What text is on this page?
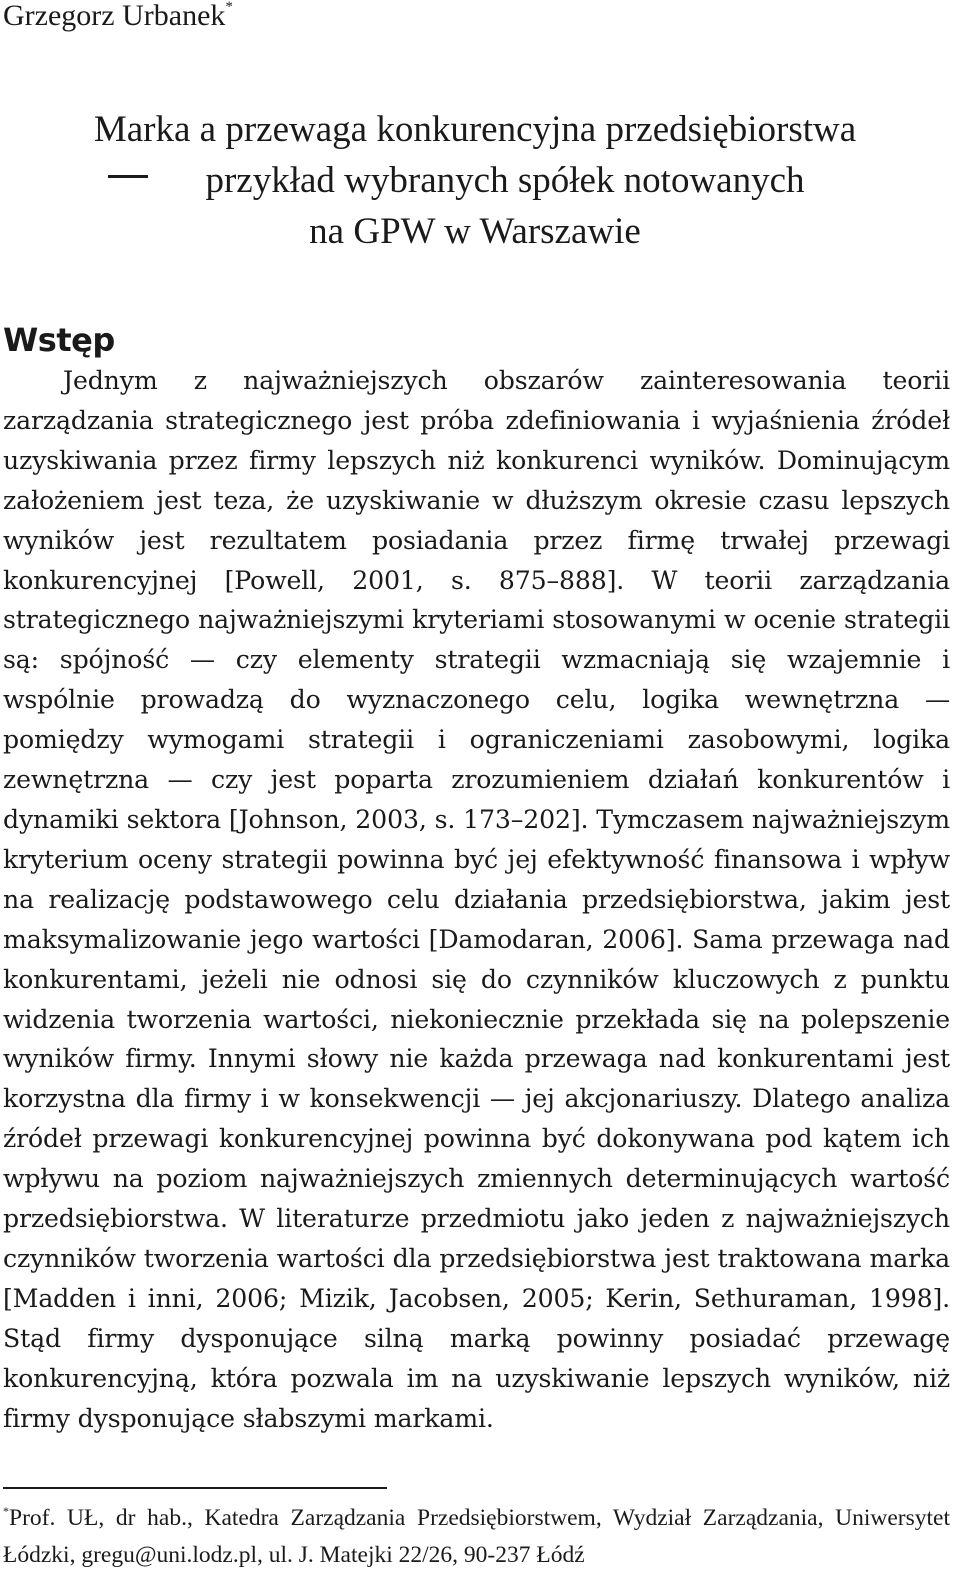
Grzegorz Urbanek*
Marka a przewaga konkurencyjna przedsiębiorstwa
przykład wybranych spółek notowanych
na GPW w Warszawie
Wstęp

Jednym z najważniejszych obszarów zainteresowania teorii zarządzania strategicznego jest próba zdefiniowania i wyjaśnienia źródeł uzyskiwania przez firmy lepszych niż konkurenci wyników. Dominującym założeniem jest teza, że uzyskiwanie w dłuższym okresie czasu lepszych wyników jest rezultatem posiadania przez firmę trwałej przewagi konkurencyjnej [Powell, 2001, s. 875–888]. W teorii zarządzania strategicznego najważniejszymi kryteriami stosowanymi w ocenie strategii są: spójność — czy elementy strategii wzmacniają się wzajemnie i wspólnie prowadzą do wyznaczonego celu, logika wewnętrzna — pomiędzy wymogami strategii i ograniczeniami zasobowymi, logika zewnętrzna — czy jest poparta zrozumieniem działań konkurentów i dynamiki sektora [Johnson, 2003, s. 173–202]. Tymczasem najważniejszym kryterium oceny strategii powinna być jej efektywność finansowa i wpływ na realizację podstawowego celu działania przedsiębiorstwa, jakim jest maksymalizowanie jego wartości [Damodaran, 2006]. Sama przewaga nad konkurentami, jeżeli nie odnosi się do czynników kluczowych z punktu widzenia tworzenia wartości, niekoniecznie przekłada się na polepszenie wyników firmy. Innymi słowy nie każda przewaga nad konkurentami jest korzystna dla firmy i w konsekwencji — jej akcjonariuszy. Dlatego analiza źródeł przewagi konkurencyjnej powinna być dokonywana pod kątem ich wpływu na poziom najważniejszych zmiennych determinujących wartość przedsiębiorstwa. W literaturze przedmiotu jako jeden z najważniejszych czynników tworzenia wartości dla przedsiębiorstwa jest traktowana marka [Madden i inni, 2006; Mizik, Jacobsen, 2005; Kerin, Sethuraman, 1998]. Stąd firmy dysponujące silną marką powinny posiadać przewagę konkurencyjną, która pozwala im na uzyskiwanie lepszych wyników, niż firmy dysponujące słabszymi markami.

*Prof. UŁ, dr hab., Katedra Zarządzania Przedsiębiorstwem, Wydział Zarządzania, Uniwersytet Łódzki, gregu@uni.lodz.pl, ul. J. Matejki 22/26, 90-237 Łódź
